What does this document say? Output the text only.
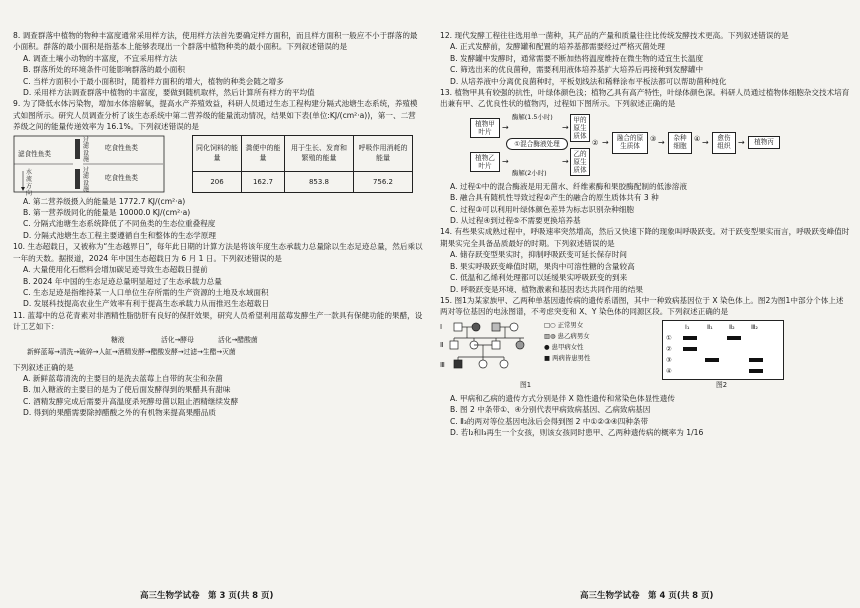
8. 调查群落中植物的物种丰富度通常采用样方法，使用样方法首先要确定样方面积，而且样方面积一般应不小于群落的最小面积。群落的最小面积是指基本上能够表现出一个群落中植物种类的最小面积。下列叙述错误的是

A. 调查土壤小动物的丰富度，不宜采用样方法

B. 群落所处的环境条件可能影响群落的最小面积

C. 当样方面积小于最小面积时，随着样方面积的增大，植物的种类会随之增多

D. 采用样方法调查群落中植物的丰富度，要做到随机取样，然后计算所有样方的平均值

9. 为了降低水体污染物，增加水体溶解氧，提高水产养殖效益，科研人员通过生态工程构建分隔式池塘生态系统，养殖模式如图所示。研究人员调查分析了该生态系统中第二营养级的能量流动情况，结果如下表(单位:KJ/(cm²·a))，第一、二营养级之间的能量传递效率为 16.1%。下列叙述错误的是

滤食性鱼类
水流方向
过滤设施
过滤设施
吃食性鱼类
吃食性鱼类
同化饲料的能量	粪便中的能量	用于生长、发育和繁殖的能量	呼吸作用消耗的能量
206	162.7	853.8	756.2

A. 第二营养级摄入的能量是 1772.7 KJ/(cm²·a)

B. 第一营养级同化的能量是 10000.0 KJ/(cm²·a)

C. 分隔式池塘生态系统降低了不同鱼类的生态位重叠程度

D. 分隔式池塘生态工程主要遵循自生和整体的生态学原理

10. 生态超载日，又被称为“生态越界日”，每年此日期的计算方法是将该年度生态承载力总量除以生态足迹总量，然后乘以一年的天数。据报道，2024 年中国生态超载日为 6 月 1 日。下列叙述错误的是

A. 大量使用化石燃料会增加碳足迹导致生态超载日提前

B. 2024 年中国的生态足迹总量明显超过了生态承载力总量

C. 生态足迹是指维持某一人口单位生存所需的生产资源的土地及水域面积

D. 发展科技提高农业生产效率有利于提高生态承载力从而推迟生态超载日

11. 蓝莓中的总花青素对非酒精性脂肪肝有良好的保肝效果，研究人员希望利用蓝莓发酵生产一款具有保健功能的果醋，设计工艺如下：

糖液	活化→酵母	活化→醋酸菌
新鲜蓝莓→清洗→破碎→人缸→酒精发酵→醋酸发酵→过滤→生醋→灭菌

下列叙述正确的是

A. 新鲜蓝莓清洗的主要目的是洗去蓝莓上自带的灰尘和杂菌

B. 加入糖液的主要目的是为了使后面发酵得到的果醋具有甜味

C. 酒精发酵完成后需要升高温度杀死酵母菌以阻止酒精继续发酵

D. 得到的果醋需要除掉醋酸之外的有机物来提高果醋品质

高三生物学试卷　第 3 页(共 8 页)

12. 现代发酵工程往往选用单一菌种，其产品的产量和质量往往比传统发酵技术更高。下列叙述错误的是

A. 正式发酵前，发酵罐和配置的培养基都需要经过严格灭菌处理

B. 发酵罐中发酵时，通常需要不断加热将温度维持在微生物的适宜生长温度

C. 筛选出来的优良菌种，需要利用液体培养基扩大培养后再接种到发酵罐中

D. 从培养液中分离优良菌种时，平板划线法和稀释涂布平板法都可以帮助菌种纯化

13. 植物甲具有较强的抗性，叶绿体颜色浅；植物乙具有高产特性，叶绿体颜色深。科研人员通过植物体细胞杂交技术培育出兼有甲、乙优良性状的植物丙，过程如下图所示。下列叙述正确的是

植物甲叶片
植物乙叶片
酶解(1.5小时)
酶解(2小时)
①混合酶液处理
→
→
→
→
甲的原生质体
乙的原生质体
② →	融合的原生质体
③ →	杂种细胞
④ →	愈伤组织 →	植物丙

A. 过程①中的混合酶液是用无菌水、纤维素酶和果胶酶配制的低渗溶液

B. 融合具有随机性导致过程②产生的融合的原生质体共有 3 种

C. 过程③可以利用叶绿体颜色差异为标志识别杂种细胞

D. 从过程④到过程⑤不需要更换培养基

14. 有些果实成熟过程中，呼吸速率突然增高，然后又快速下降的现象叫呼吸跃变。对于跃变型果实而言，呼吸跃变峰值时期果实完全具备品质最好的时期。下列叙述错误的是

A. 储存跃变型果实时，抑制呼吸跃变可延长保存时间

B. 果实呼吸跃变峰值时期，果肉中可溶性糖的含量较高

C. 低温和乙烯利处理都可以延缓果实呼吸跃变的到来

D. 呼吸跃变是环境、植物激素和基因表达共同作用的结果

15. 图1为某家族甲、乙两种单基因遗传病的遗传系谱图，其中一种致病基因位于 X 染色体上。图2为图1中部分个体上述两对等位基因的电泳图谱，不考虑突变和 X、Y 染色体的同源区段。下列叙述正确的是

Ⅰ
Ⅱ
Ⅲ
□○ 正常男女
▥◍ 患乙病男女
● 患甲病女性
■ 两病皆患男性
图1
Ⅰ₁	Ⅱ₁	Ⅱ₂	Ⅲ₂
①
②
③
④
图2

A. 甲病和乙病的遗传方式分别是伴 X 隐性遗传和常染色体显性遗传

B. 图 2 中条带①、④分别代表甲病致病基因、乙病致病基因

C. Ⅱ₃的两对等位基因电泳后会得到图 2 中①②③④四种条带

D. 若Ⅰ₂和Ⅰ₃再生一个女孩，则该女孩同时患甲、乙两种遗传病的概率为 1/16

高三生物学试卷　第 4 页(共 8 页)
